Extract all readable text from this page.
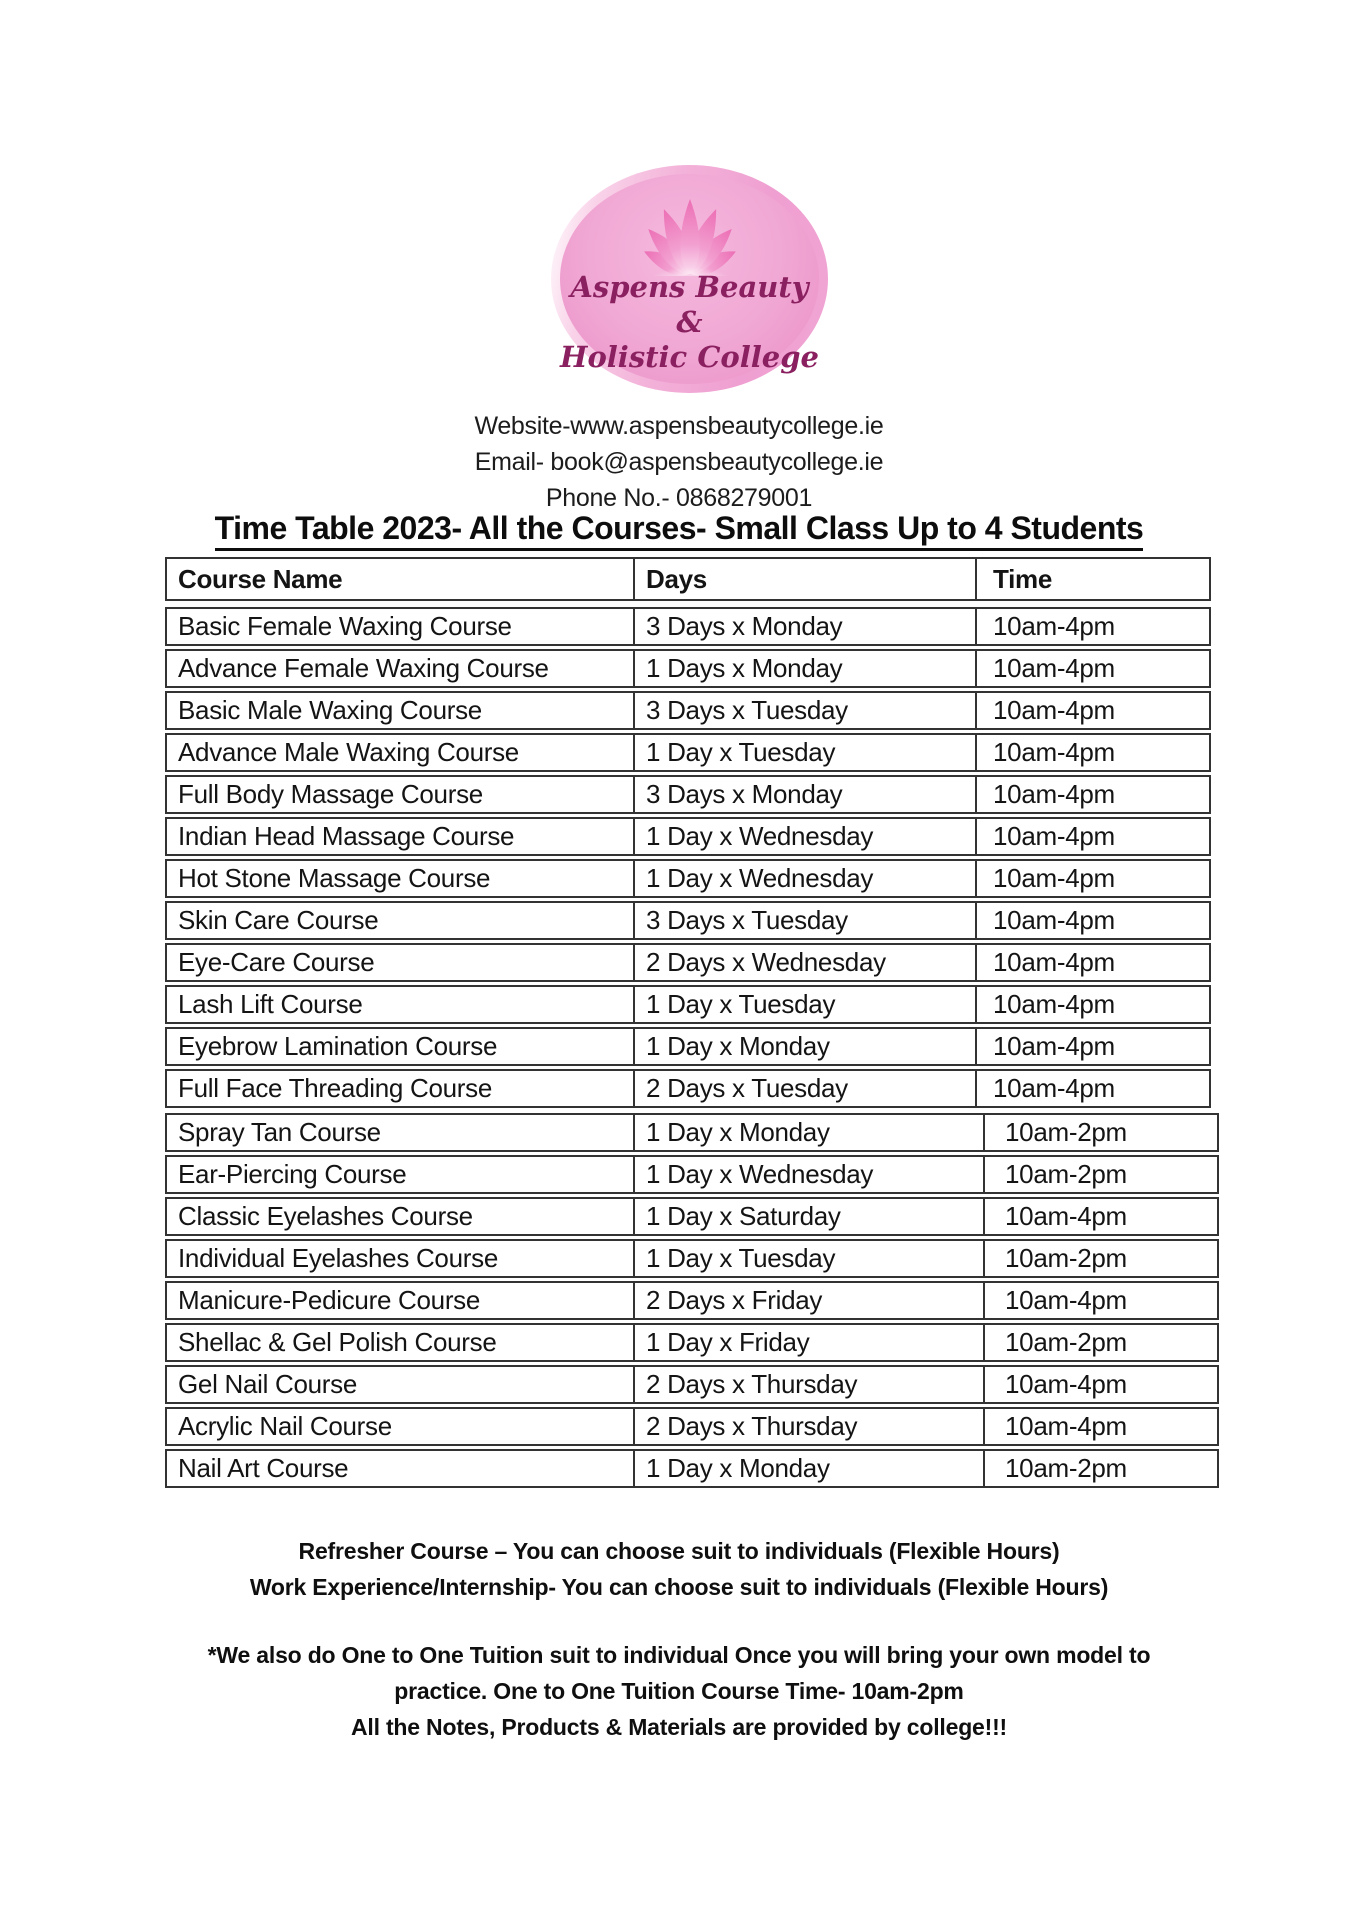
Aspens Beauty &
Holistic College
Website-www.aspensbeautycollege.ie
Email- book@aspensbeautycollege.ie
Phone No.- 0868279001
Time Table 2023- All the Courses- Small Class Up to 4 Students
Course Name	Days	Time
Basic Female Waxing Course	3 Days x Monday	10am-4pm
Advance Female Waxing Course	1 Days x Monday	10am-4pm
Basic Male Waxing Course	3 Days x Tuesday	10am-4pm
Advance Male Waxing Course	1 Day x Tuesday	10am-4pm
Full Body Massage Course	3 Days x Monday	10am-4pm
Indian Head Massage Course	1 Day x Wednesday	10am-4pm
Hot Stone Massage Course	1 Day x Wednesday	10am-4pm
Skin Care Course	3 Days x Tuesday	10am-4pm
Eye-Care Course	2 Days x Wednesday	10am-4pm
Lash Lift Course	1 Day x Tuesday	10am-4pm
Eyebrow Lamination Course	1 Day x Monday	10am-4pm
Full Face Threading Course	2 Days x Tuesday	10am-4pm
Spray Tan Course	1 Day x Monday	10am-2pm
Ear-Piercing Course	1 Day x Wednesday	10am-2pm
Classic Eyelashes Course	1 Day x Saturday	10am-4pm
Individual Eyelashes Course	1 Day x Tuesday	10am-2pm
Manicure-Pedicure Course	2 Days x Friday	10am-4pm
Shellac & Gel Polish Course	1 Day x Friday	10am-2pm
Gel Nail Course	2 Days x Thursday	10am-4pm
Acrylic Nail Course	2 Days x Thursday	10am-4pm
Nail Art Course	1 Day x Monday	10am-2pm
Refresher Course – You can choose suit to individuals (Flexible Hours)
Work Experience/Internship- You can choose suit to individuals (Flexible Hours)
*We also do One to One Tuition suit to individual Once you will bring your own model to
practice. One to One Tuition Course Time- 10am-2pm
All the Notes, Products & Materials are provided by college!!!
